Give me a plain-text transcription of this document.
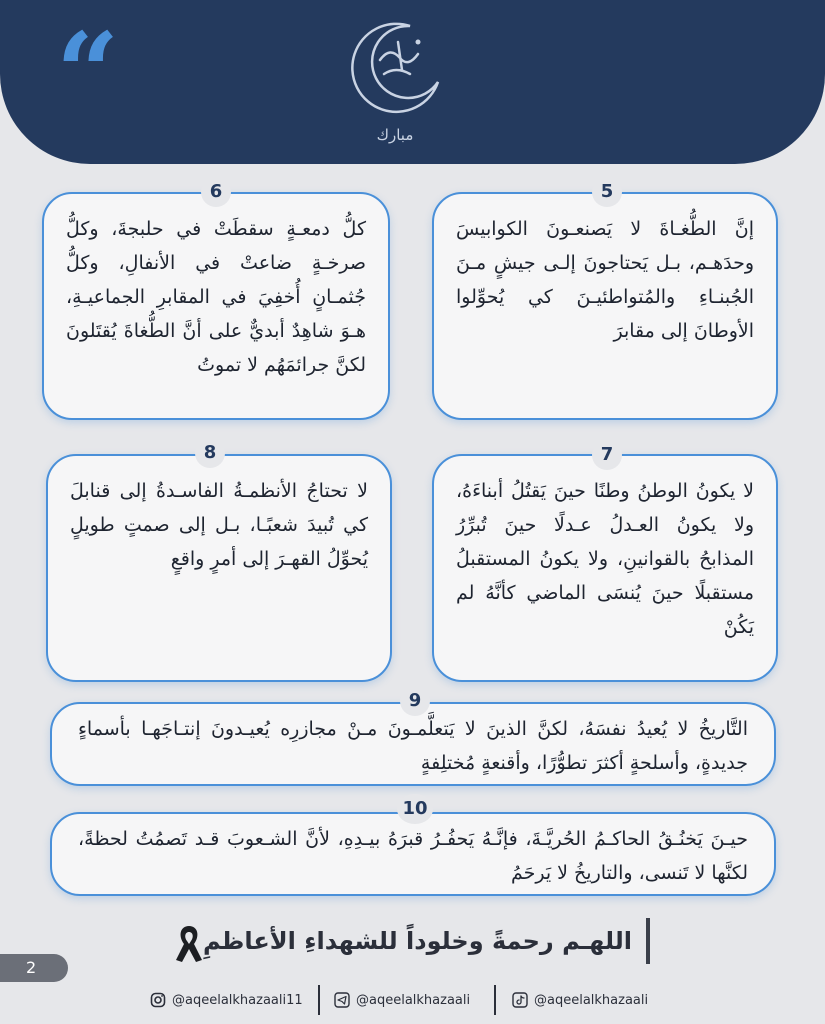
“	مبارك
كلُّ دمعـةٍ سقطَتْ في حلبجةَ، وكلُّ صرخـةٍ ضاعتْ في الأنفالِ، وكلُّ جُثمـانٍ أُخفِيَ في المقابرِ الجماعيـةِ، هـوَ شاهِدٌ أبديٌّ على أنَّ الطُّغاةَ يُقتَلونَ لكنَّ جرائمَهُم لا تموتُ
6
إنَّ الطُّغـاةَ لا يَصنعـونَ الكوابيسَ وحدَهـم، بـل يَحتاجونَ إلـى جيشٍ مـنَ الجُبنـاءِ والمُتواطئيـنَ كي يُحوِّلوا الأوطانَ إلى مقابرَ
5
لا تحتاجُ الأنظمـةُ الفاسـدةُ إلى قنابلَ كي تُبيدَ شعبًـا، بـل إلى صمتٍ طويلٍ يُحوِّلُ القهـرَ إلى أمرٍ واقعٍ
8
لا يكونُ الوطنُ وطنًا حينَ يَقتُلُ أبناءَهُ، ولا يكونُ العـدلُ عـدلًا حينَ تُبرِّرُ المذابحُ بالقوانينِ، ولا يكونُ المستقبلُ مستقبلًا حينَ يُنسَى الماضي كأنَّهُ لم يَكُنْ
7
التَّاريخُ لا يُعيدُ نفسَهُ، لكنَّ الذينَ لا يَتعلَّمـونَ مـنْ مجازرِه يُعيـدونَ إنتـاجَهـا بأسماءٍ جديدةٍ، وأسلحةٍ أكثرَ تطوُّرًا، وأقنعةٍ مُختلِفةٍ
9
حيـنَ يَخنُـقُ الحاكـمُ الحُريَّـةَ، فإنَّـهُ يَحفُـرُ قبرَهُ بيـدِهِ، لأنَّ الشـعوبَ قـد تَصمُتُ لحظةً، لكنَّها لا تَنسى، والتاريخُ لا يَرحَمُ
10
اللهـم رحمةً وخلوداً للشهداءِ الأعاظمِ
2
@aqeelalkhazaali11	@aqeelalkhazaali	@aqeelalkhazaali
